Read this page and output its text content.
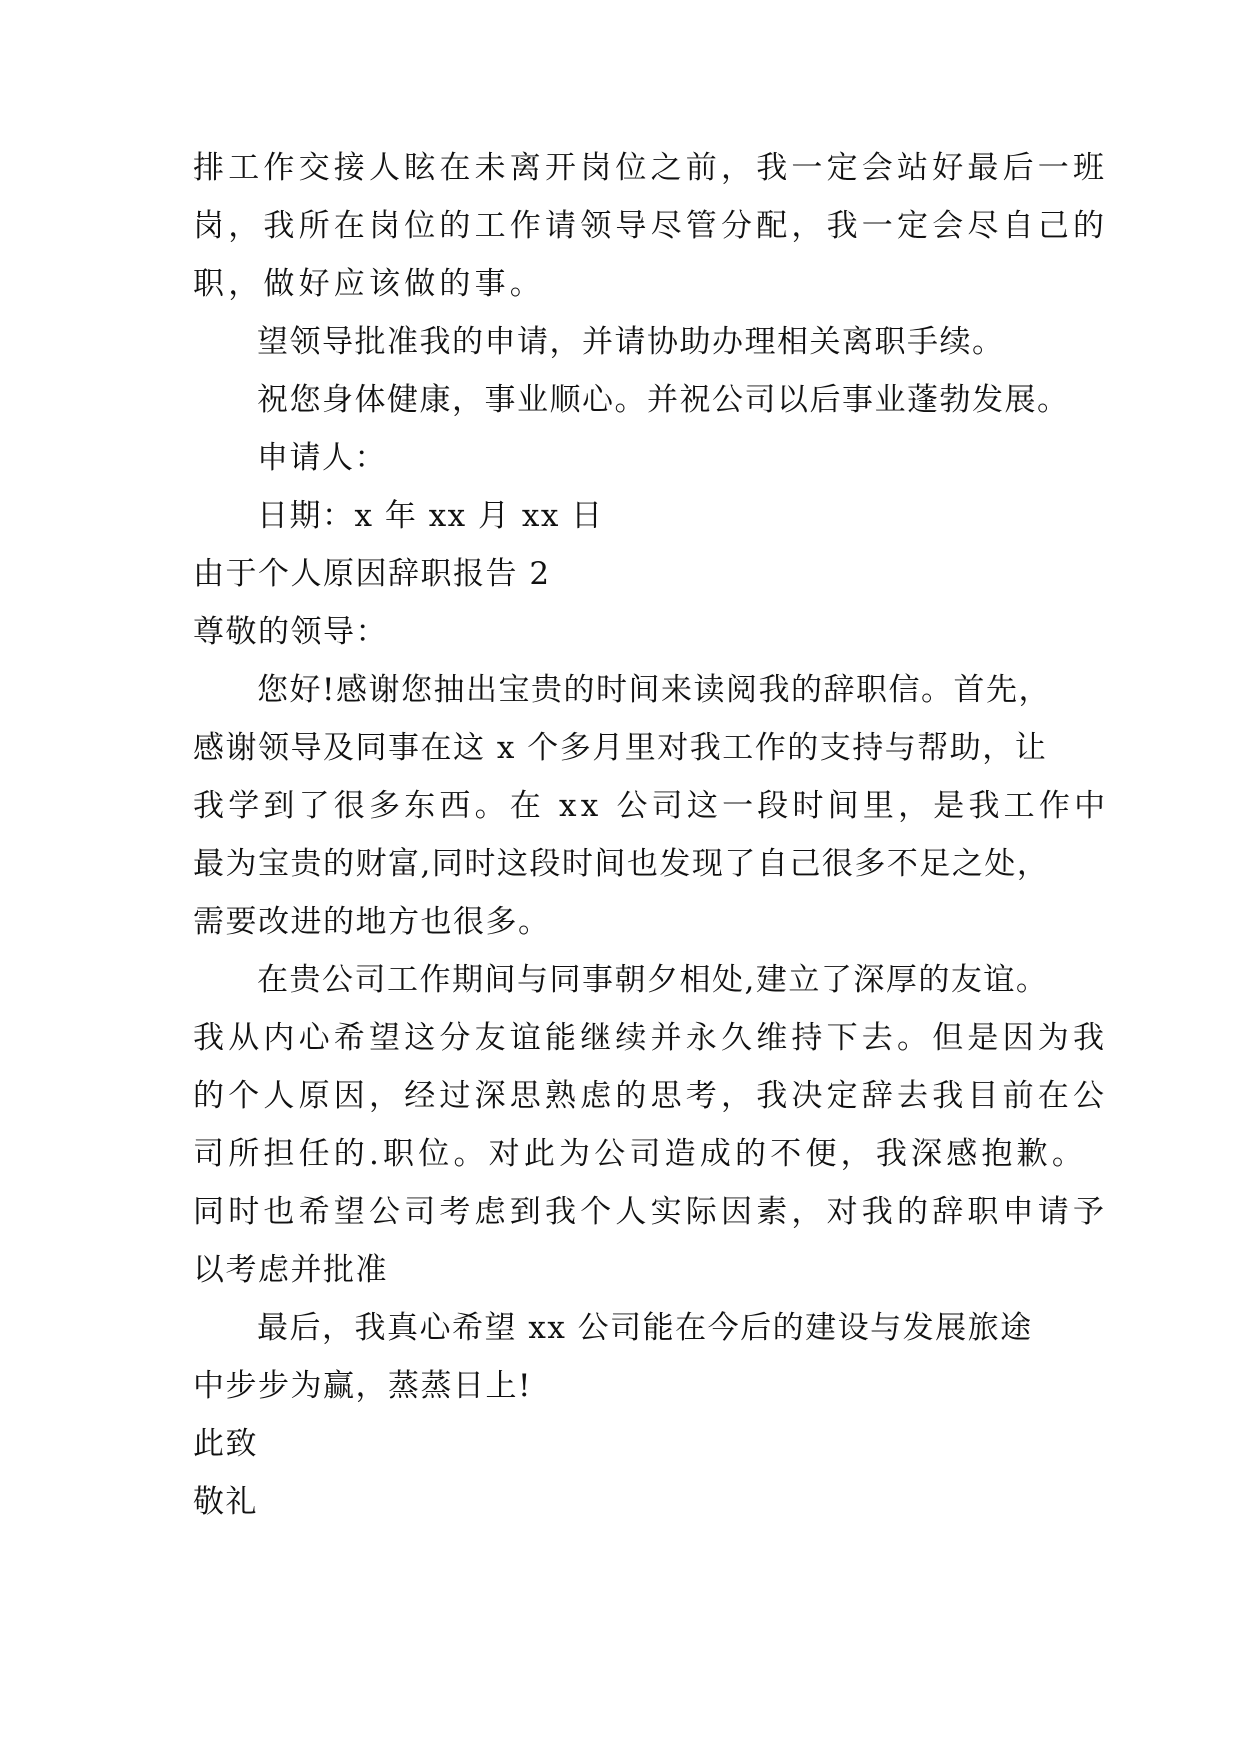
排工作交接人眩在未离开岗位之前，我一定会站好最后一班
岗，我所在岗位的工作请领导尽管分配，我一定会尽自己的
职，做好应该做的事。
望领导批准我的申请，并请协助办理相关离职手续。
祝您身体健康，事业顺心。并祝公司以后事业蓬勃发展。
申请人：
日期：x 年 xx 月 xx 日
由于个人原因辞职报告 2
尊敬的领导：
您好!感谢您抽出宝贵的时间来读阅我的辞职信。首先，
感谢领导及同事在这 x 个多月里对我工作的支持与帮助，让
我学到了很多东西。在 xx 公司这一段时间里，是我工作中
最为宝贵的财富,同时这段时间也发现了自己很多不足之处，
需要改进的地方也很多。
在贵公司工作期间与同事朝夕相处,建立了深厚的友谊。
我从内心希望这分友谊能继续并永久维持下去。但是因为我
的个人原因，经过深思熟虑的思考，我决定辞去我目前在公
司所担任的.职位。对此为公司造成的不便，我深感抱歉。
同时也希望公司考虑到我个人实际因素，对我的辞职申请予
以考虑并批准
最后，我真心希望 xx 公司能在今后的建设与发展旅途
中步步为赢，蒸蒸日上!
此致
敬礼
